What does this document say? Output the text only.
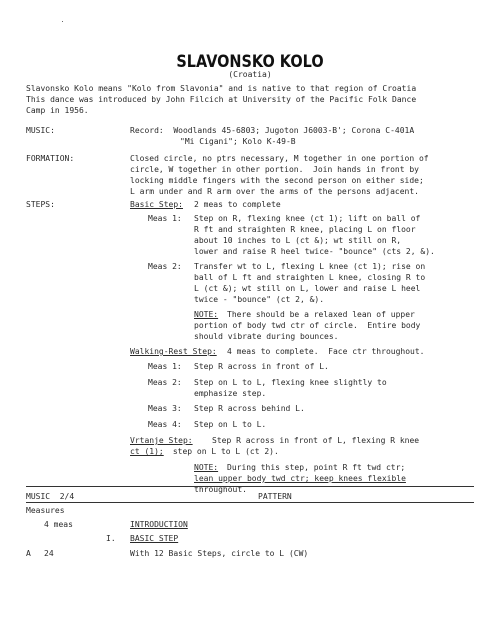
SLAVONSKO KOLO
(Croatia)
Slavonsko Kolo means "Kolo from Slavonia" and is native to that region of Croatia
This dance was introduced by John Filcich at University of the Pacific Folk Dance
Camp in 1956.
MUSIC:	Record:  Woodlands 45-6803; Jugoton J6003-B'; Corona C-401A
"Mi Cigani"; Kolo K-49-B
FORMATION:	Closed circle, no ptrs necessary, M together in one portion of
circle, W together in other portion.  Join hands in front by
locking middle fingers with the second person on either side;
L arm under and R arm over the arms of the persons adjacent.
STEPS:	Basic Step: 2 meas to complete
Meas 1: Step on R, flexing knee (ct 1); lift on ball of
R ft and straighten R knee, placing L on floor
about 10 inches to L (ct &); wt still on R,
lower and raise R heel twice- "bounce" (cts 2, &).
Meas 2: Transfer wt to L, flexing L knee (ct 1); rise on
ball of L ft and straighten L knee, closing R to
L (ct &); wt still on L, lower and raise L heel
twice - "bounce" (ct 2, &).
NOTE: There should be a relaxed lean of upper
portion of body twd ctr of circle.  Entire body
should vibrate during bounces.
Walking-Rest Step: 4 meas to complete.  Face ctr throughout.
Meas 1: Step R across in front of L.
Meas 2: Step on L to L, flexing knee slightly to
emphasize step.
Meas 3: Step R across behind L.
Meas 4: Step on L to L.
Vrtanje Step: Step R across in front of L, flexing R knee
ct (1); step on L to L (ct 2).
NOTE: During this step, point R ft twd ctr;
lean upper body twd ctr; keep knees flexible
throughout.
MUSIC  2/4	PATTERN
Measures
4 meas	INTRODUCTION
I. BASIC STEP
A 24	With 12 Basic Steps, circle to L (CW)
